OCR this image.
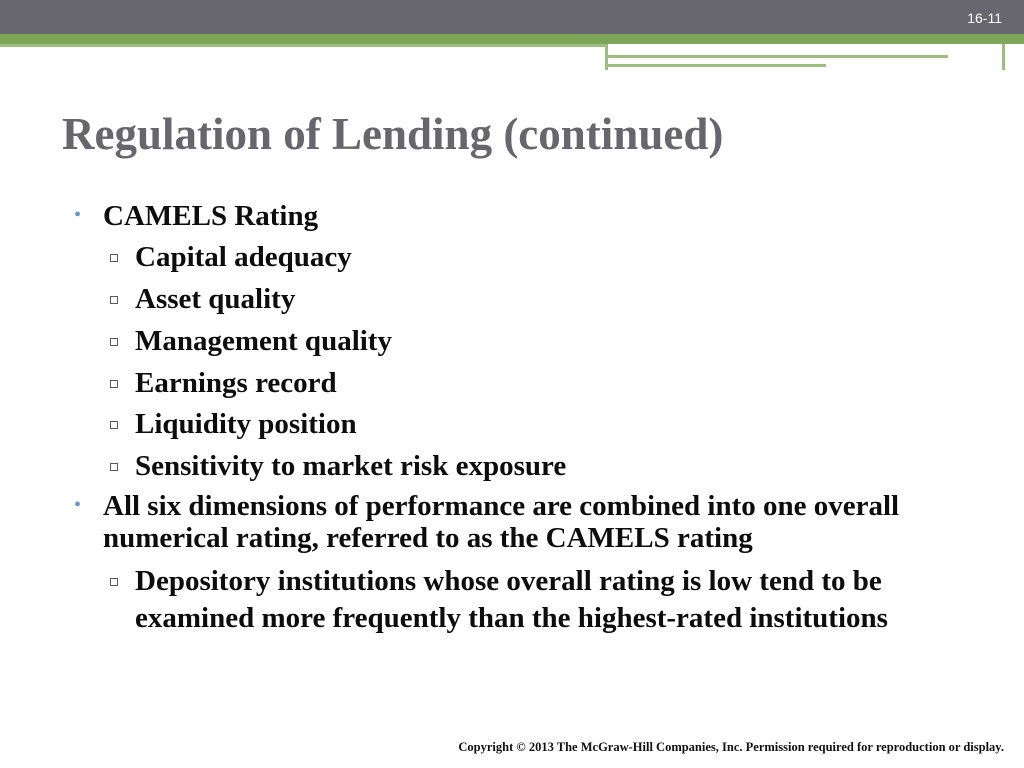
16-11
Regulation of Lending (continued)
• CAMELS Rating
Capital adequacy
Asset quality
Management quality
Earnings record
Liquidity position
Sensitivity to market risk exposure
• All six dimensions of performance are combined into one overall
numerical rating, referred to as the CAMELS rating
Depository institutions whose overall rating is low tend to be
examined more frequently than the highest-rated institutions
Copyright © 2013 The McGraw-Hill Companies, Inc. Permission required for reproduction or display.
